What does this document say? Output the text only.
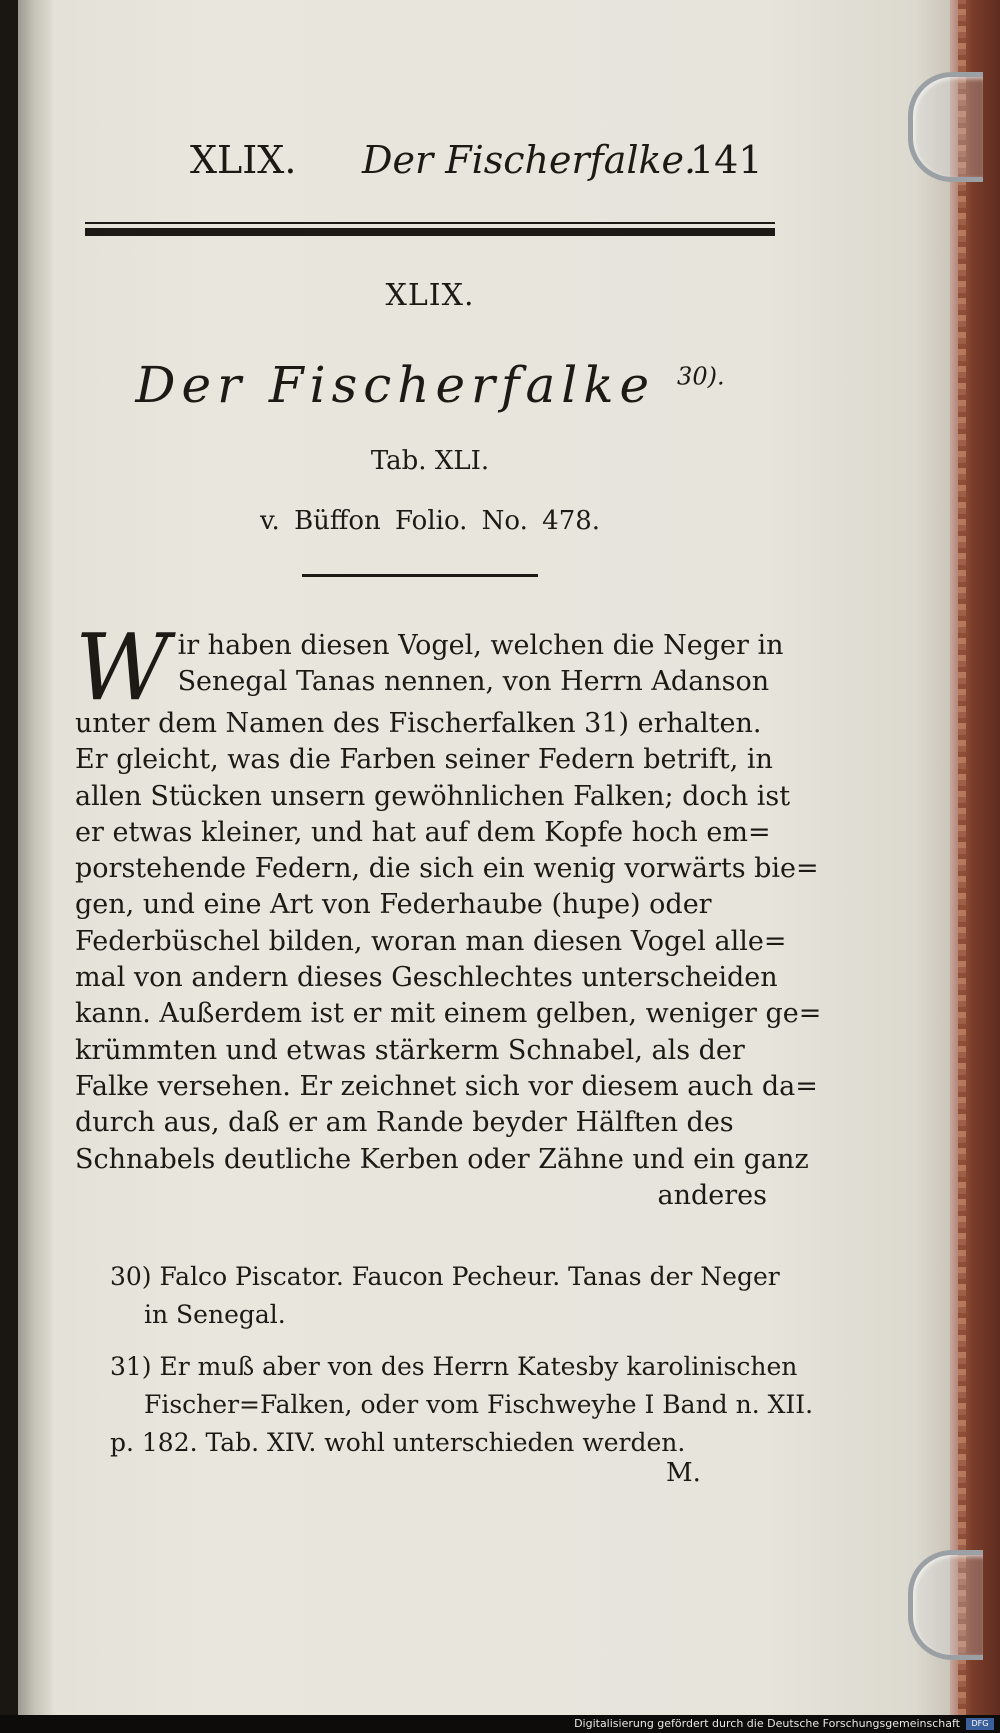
XLIX. Der Fischerfalke.
141
XLIX.
Der Fischerfalke $^{30).}$
Tab. XLI.
v. Büffon Folio. No. 478.
W ir haben diesen Vogel, welchen die Neger in
Senegal Tanas nennen, von Herrn Adanson
unter dem Namen des Fischerfalken 31) erhalten.
Er gleicht, was die Farben seiner Federn betrift, in
allen Stücken unsern gewöhnlichen Falken; doch ist
er etwas kleiner, und hat auf dem Kopfe hoch em=
porstehende Federn, die sich ein wenig vorwärts bie=
gen, und eine Art von Federhaube (hupe) oder
Federbüschel bilden, woran man diesen Vogel alle=
mal von andern dieses Geschlechtes unterscheiden
kann. Außerdem ist er mit einem gelben, weniger ge=
krümmten und etwas stärkerm Schnabel, als der
Falke versehen. Er zeichnet sich vor diesem auch da=
durch aus, daß er am Rande beyder Hälften des
Schnabels deutliche Kerben oder Zähne und ein ganz
anderes
30) Falco Piscator. Faucon Pecheur. Tanas der Neger
in Senegal.
31) Er muß aber von des Herrn Katesby karolinischen
Fischer=Falken, oder vom Fischweyhe I Band n. XII.
p. 182. Tab. XIV. wohl unterschieden werden.
M.
Digitalisierung gefördert durch die Deutsche Forschungsgemeinschaft	DFG
